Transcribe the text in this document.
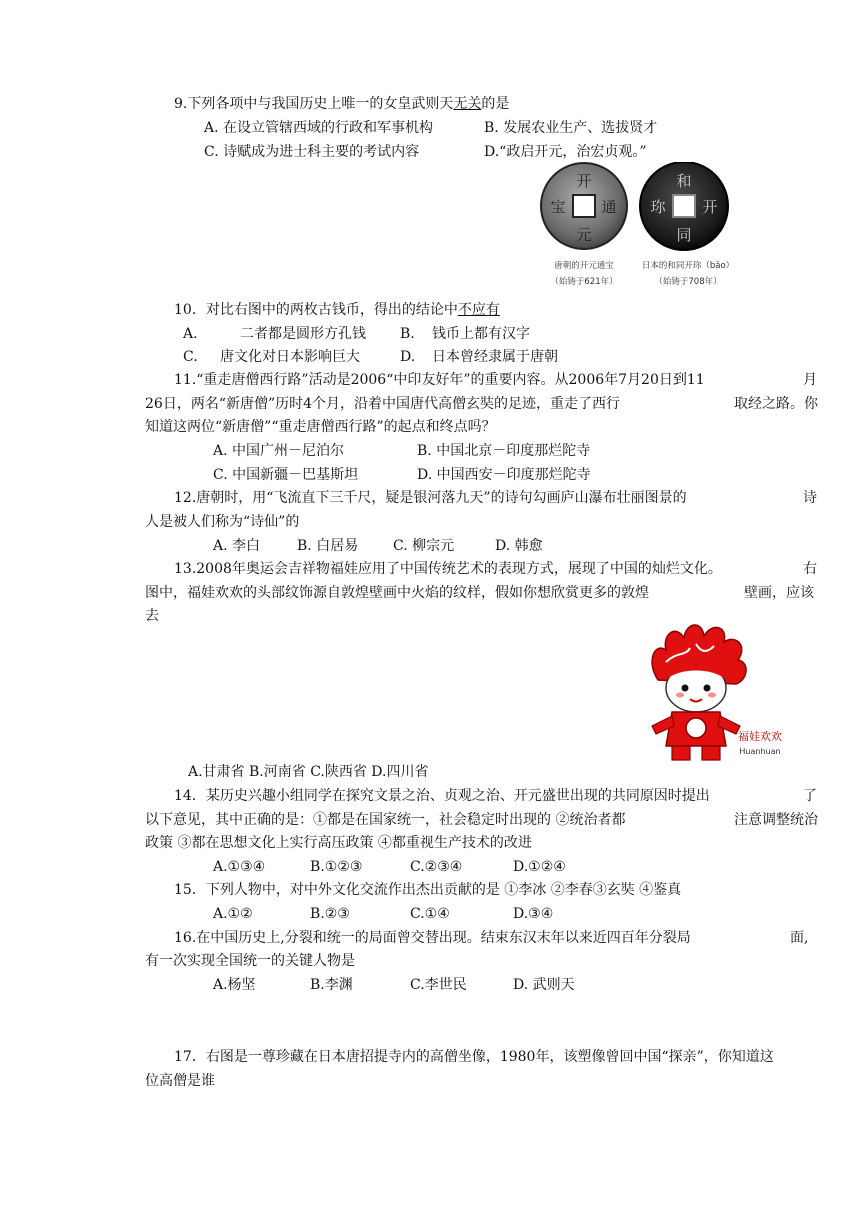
9.下列各项中与我国历史上唯一的女皇武则天无关的是
A. 在设立管辖西域的行政和军事机构	B. 发展农业生产、选拔贤才
C. 诗赋成为进士科主要的考试内容	D.“政启开元，治宏贞观。”
开
元
通
宝
和
同
开
珎
唐朝的开元通宝
（始铸于621年）
日本的和同开珎（bǎo）
（始铸于708年）
10．对比右图中的两枚古钱币，得出的结论中不应有
A.	二者都是圆形方孔钱 B. 钱币上都有汉字
C. 唐文化对日本影响巨大	D. 日本曾经隶属于唐朝
11.“重走唐僧西行路”活动是2006“中印友好年”的重要内容。从2006年7月20日到11	月
26日，两名“新唐僧”历时4个月，沿着中国唐代高僧玄奘的足迹，重走了西行	取经之路。你
知道这两位“新唐僧”“重走唐僧西行路”的起点和终点吗？
A. 中国广州－尼泊尔	B. 中国北京－印度那烂陀寺
C. 中国新疆－巴基斯坦	D. 中国西安－印度那烂陀寺
12.唐朝时，用“飞流直下三千尺，疑是银河落九天”的诗句勾画庐山瀑布壮丽图景的	诗
人是被人们称为“诗仙”的
A. 李白	B. 白居易 C. 柳宗元	D. 韩愈
13.2008年奥运会吉祥物福娃应用了中国传统艺术的表现方式，展现了中国的灿烂文化。	右
图中，福娃欢欢的头部纹饰源自敦煌壁画中火焰的纹样，假如你想欣赏更多的敦煌	壁画，应该
去
福娃欢欢
Huanhuan
A.甘肃省 B.河南省 C.陕西省 D.四川省
14．某历史兴趣小组同学在探究文景之治、贞观之治、开元盛世出现的共同原因时提出	了
以下意见，其中正确的是：①都是在国家统一，社会稳定时出现的 ②统治者都	注意调整统治
政策 ③都在思想文化上实行高压政策 ④都重视生产技术的改进
A.①③④	B.①②③	C.②③④	D.①②④
15．下列人物中，对中外文化交流作出杰出贡献的是 ①李冰 ②李春③玄奘 ④鉴真
A.①②	B.②③	C.①④	D.③④
16.在中国历史上,分裂和统一的局面曾交替出现。结束东汉末年以来近四百年分裂局	面,
有一次实现全国统一的关键人物是
A.杨坚	B.李渊	C.李世民	D. 武则天
17．右图是一尊珍藏在日本唐招提寺内的高僧坐像，1980年，该塑像曾回中国“探亲”，你知道这
位高僧是谁
